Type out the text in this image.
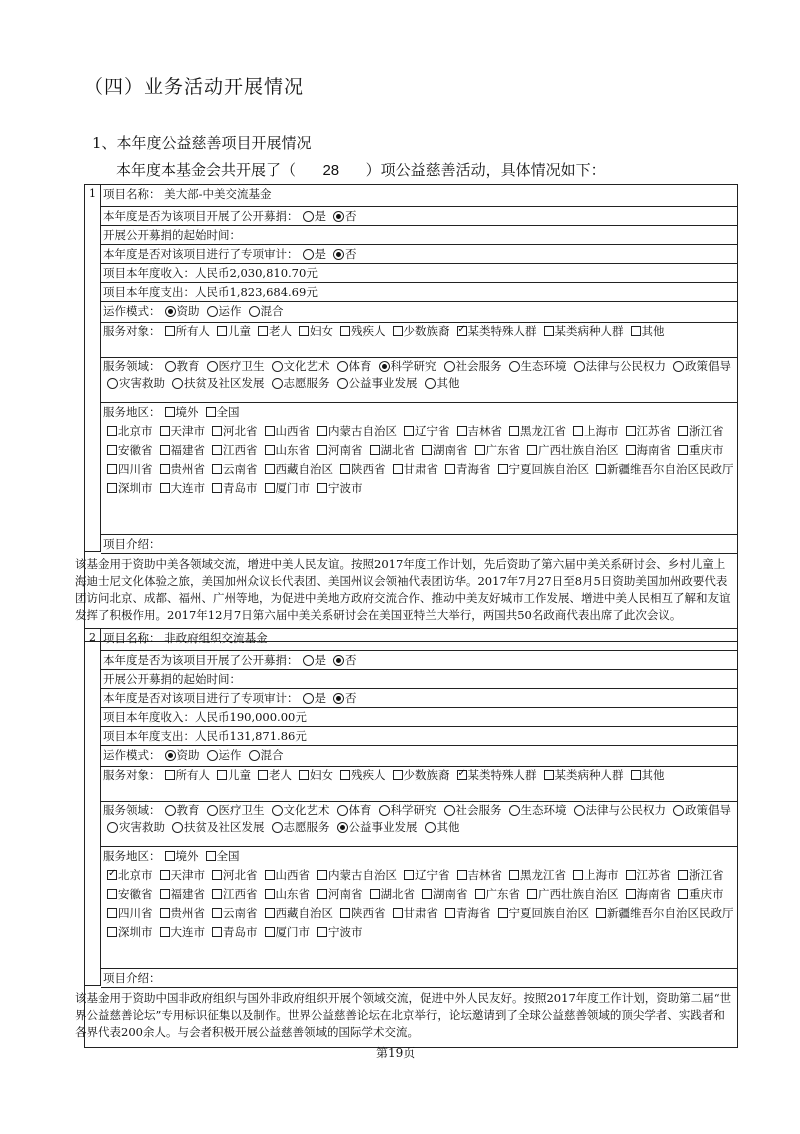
（四）业务活动开展情况
1、本年度公益慈善项目开展情况
本年度本基金会共开展了（ 28 ）项公益慈善活动，具体情况如下：
1 项目名称： 美大部-中美交流基金
本年度是否为该项目开展了公开募捐： 是 否
开展公开募捐的起始时间：
本年度是否对该项目进行了专项审计： 是 否
项目本年度收入：人民币2,030,810.70元
项目本年度支出：人民币1,823,684.69元
运作模式： 资助 运作 混合
服务对象： 所有人 儿童 老人 妇女 残疾人 少数族裔 ✓ 某类特殊人群 某类病种人群 其他
服务领域： 教育 医疗卫生 文化艺术 体育 科学研究 社会服务 生态环境 法律与公民权力 政策倡导灾害救助 扶贫及社区发展 志愿服务 公益事业发展 其他
服务地区： 境外 全国
北京市 天津市 河北省 山西省 内蒙古自治区 辽宁省 吉林省 黑龙江省 上海市 江苏省 浙江省安徽省 福建省 江西省 山东省 河南省 湖北省 湖南省 广东省 广西壮族自治区 海南省 重庆市四川省 贵州省 云南省 西藏自治区 陕西省 甘肃省 青海省 宁夏回族自治区 新疆维吾尔自治区民政厅深圳市 大连市 青岛市 厦门市 宁波市
项目介绍：
该基金用于资助中美各领域交流，增进中美人民友谊。按照2017年度工作计划，先后资助了第六届中美关系研讨会、乡村儿童上海迪士尼文化体验之旅，美国加州众议长代表团、美国州议会领袖代表团访华。2017年7月27日至8月5日资助美国加州政要代表团访问北京、成都、福州、广州等地，为促进中美地方政府交流合作、推动中美友好城市工作发展、增进中美人民相互了解和友谊发挥了积极作用。2017年12月7日第六届中美关系研讨会在美国亚特兰大举行，两国共50名政商代表出席了此次会议。
2 项目名称： 非政府组织交流基金
本年度是否为该项目开展了公开募捐： 是 否
开展公开募捐的起始时间：
本年度是否对该项目进行了专项审计： 是 否
项目本年度收入：人民币190,000.00元
项目本年度支出：人民币131,871.86元
运作模式： 资助 运作 混合
服务对象： 所有人 儿童 老人 妇女 残疾人 少数族裔 ✓ 某类特殊人群 某类病种人群 其他
服务领域： 教育 医疗卫生 文化艺术 体育 科学研究 社会服务 生态环境 法律与公民权力 政策倡导灾害救助 扶贫及社区发展 志愿服务 公益事业发展 其他
服务地区： 境外 全国
✓北京市 天津市 河北省 山西省 内蒙古自治区 辽宁省 吉林省 黑龙江省 上海市 江苏省 浙江省安徽省 福建省 江西省 山东省 河南省 湖北省 湖南省 广东省 广西壮族自治区 海南省 重庆市四川省 贵州省 云南省 西藏自治区 陕西省 甘肃省 青海省 宁夏回族自治区 新疆维吾尔自治区民政厅深圳市 大连市 青岛市 厦门市 宁波市
项目介绍：
该基金用于资助中国非政府组织与国外非政府组织开展个领域交流，促进中外人民友好。按照2017年度工作计划，资助第二届“世界公益慈善论坛”专用标识征集以及制作。世界公益慈善论坛在北京举行，论坛邀请到了全球公益慈善领域的顶尖学者、实践者和各界代表200余人。与会者积极开展公益慈善领域的国际学术交流。
第19页
